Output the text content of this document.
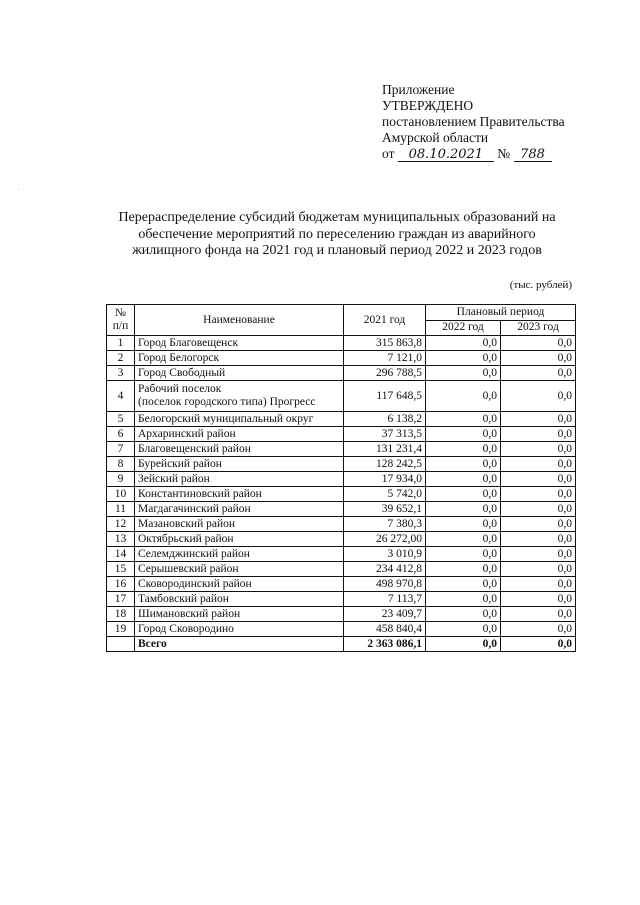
.
Приложение
УТВЕРЖДЕНО
постановлением Правительства
Амурской области
от 08.10.2021 № 788
Перераспределение субсидий бюджетам муниципальных образований на
обеспечение мероприятий по переселению граждан из аварийного
жилищного фонда на 2021 год и плановый период 2022 и 2023 годов
(тыс. рублей)
№ п/п	Наименование	2021 год	Плановый период	
			2022 год	2023 год
1	Город Благовещенск	315 863,8	0,0	0,0
2	Город Белогорск	7 121,0	0,0	0,0
3	Город Свободный	296 788,5	0,0	0,0
4	Рабочий поселок
(поселок городского типа) Прогресс	117 648,5	0,0	0,0
5	Белогорский муниципальный округ	6 138,2	0,0	0,0
6	Архаринский район	37 313,5	0,0	0,0
7	Благовещенский район	131 231,4	0,0	0,0
8	Бурейский район	128 242,5	0,0	0,0
9	Зейский район	17 934,0	0,0	0,0
10	Константиновский район	5 742,0	0,0	0,0
11	Магдагачинский район	39 652,1	0,0	0,0
12	Мазановский район	7 380,3	0,0	0,0
13	Октябрьский район	26 272,00	0,0	0,0
14	Селемджинский район	3 010,9	0,0	0,0
15	Серышевский район	234 412,8	0,0	0,0
16	Сковородинский район	498 970,8	0,0	0,0
17	Тамбовский район	7 113,7	0,0	0,0
18	Шимановский район	23 409,7	0,0	0,0
19	Город Сковородино	458 840,4	0,0	0,0
	Всего	2 363 086,1	0,0	0,0
